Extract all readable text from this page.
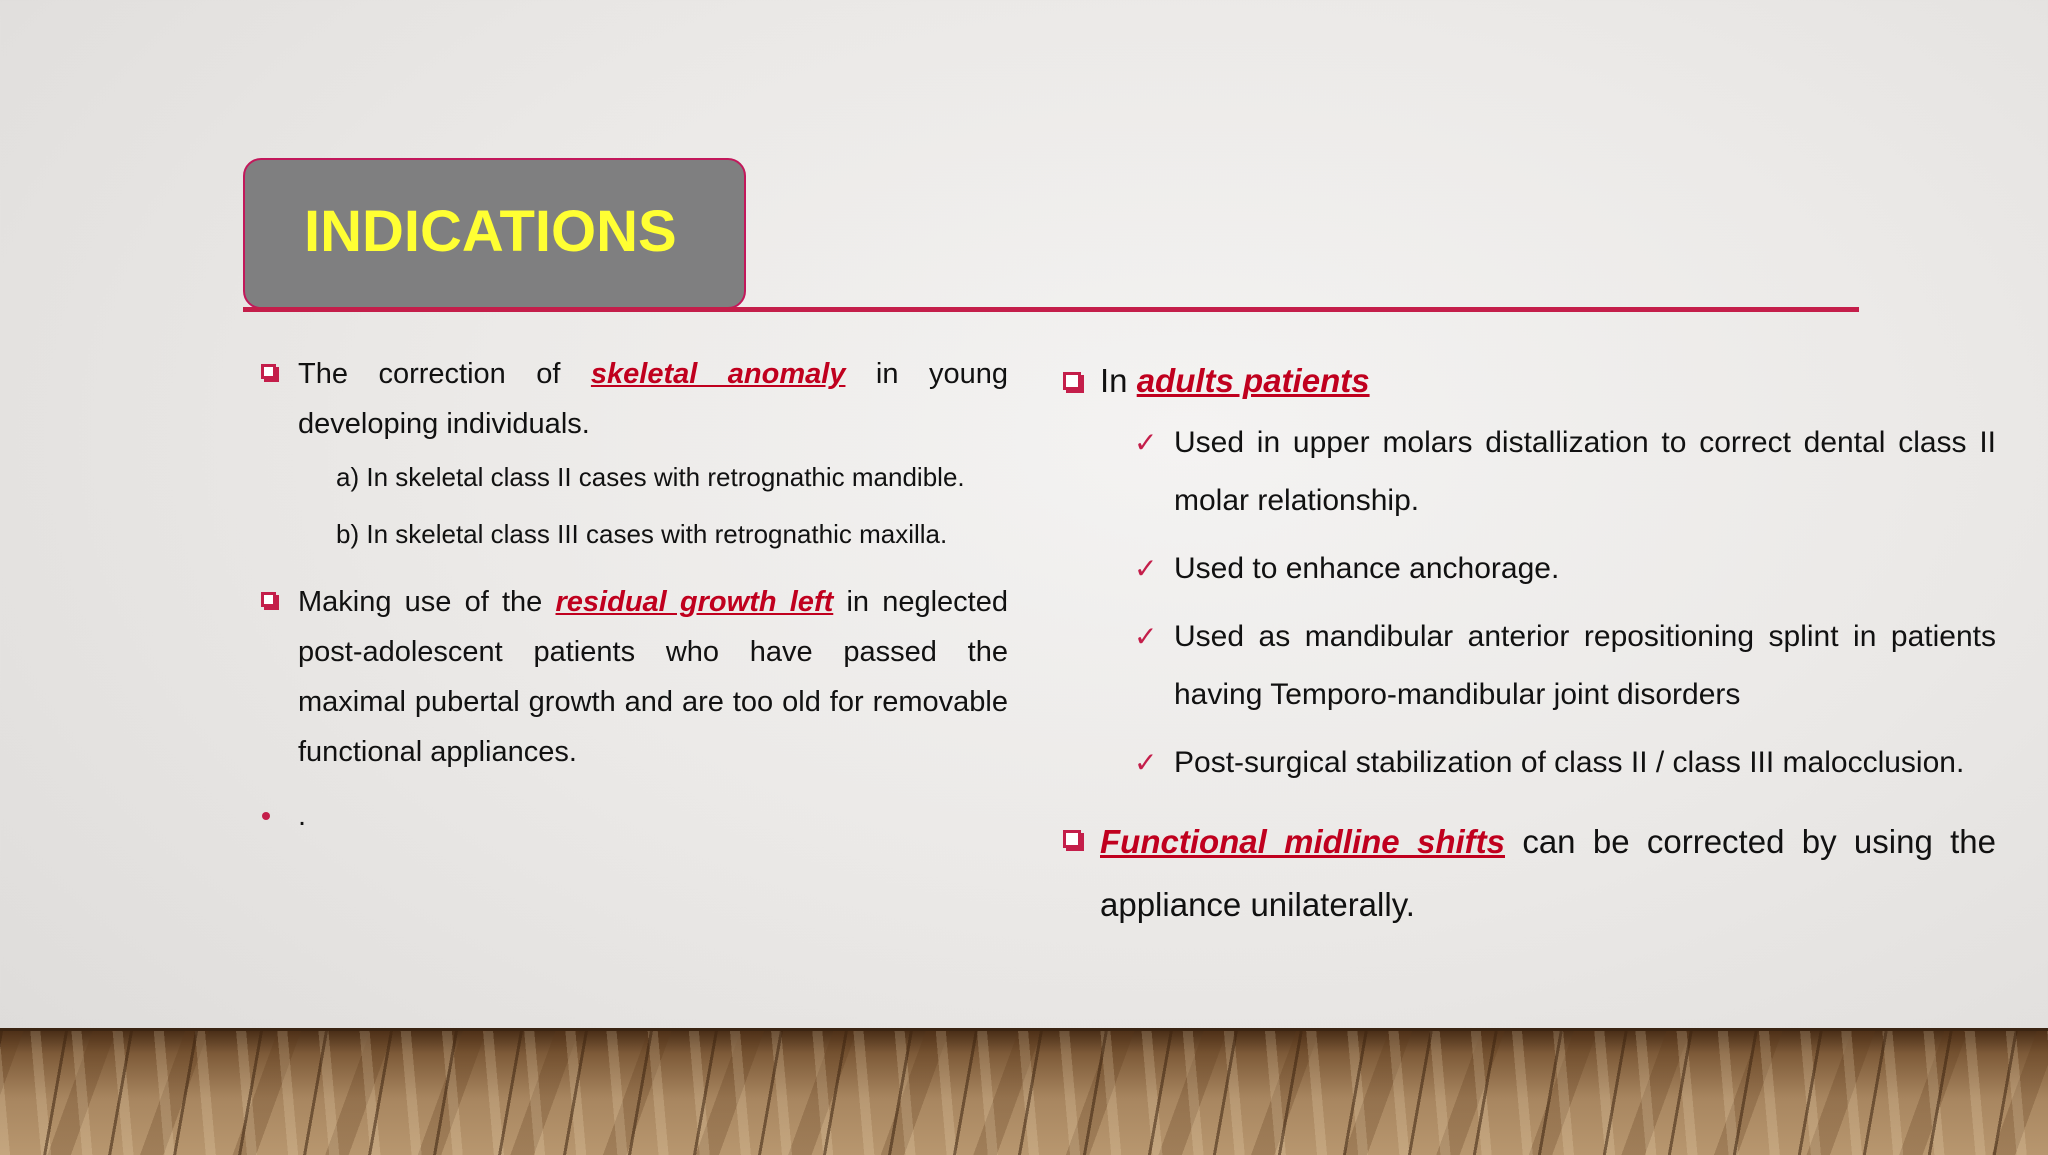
INDICATIONS
The correction of skeletal anomaly in young developing individuals.
a) In skeletal class II cases with retrognathic mandible.
b) In skeletal class III cases with retrognathic maxilla.
Making use of the residual growth left in neglected post-adolescent patients who have passed the maximal pubertal growth and are too old for removable functional appliances.
.
In adults patients
✓ Used in upper molars distallization to correct dental class II molar relationship.
✓ Used to enhance anchorage.
✓ Used as mandibular anterior repositioning splint in patients having Temporo-mandibular joint disorders
✓ Post-surgical stabilization of class II / class III malocclusion.
Functional midline shifts can be corrected by using the appliance unilaterally.
